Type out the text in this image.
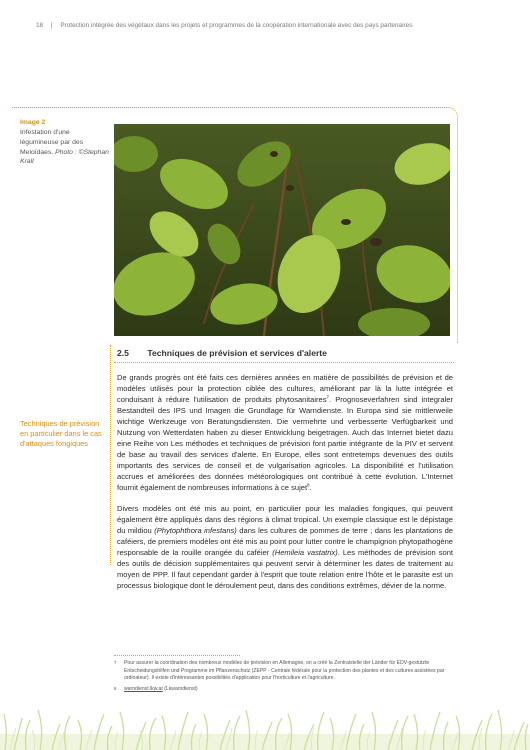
18 | Protection intégrée des végétaux dans les projets et programmes de la coopération internationale avec des pays partenaires
Image 2
Infestation d'une légumineuse par des Meloïdaes. Photo : ©Stephan Krall
2.5 Techniques de prévision et services d'alerte
Techniques de prévision en particulier dans le cas d'attaques fongiques

De grands progrès ont été faits ces dernières années en matière de possibilités de prévision et de modèles utilisés pour la protection ciblée des cultures, améliorant par là la lutte intégrée et conduisant à réduire l'utilisation de produits phytosanitaires$^7$. Prognoseverfahren sind integraler Bestandteil des IPS und Imagen die Grundlage für Warndienste. In Europa sind sie mittlerweile wichtige Werkzeuge von Beratungsdiensten. Die vermehrte und verbesserte Verfügbarkeit und Nutzung von Wetterdaten haben zu dieser Entwicklung beigetragen. Auch das Internet bietet dazu eine Reihe von Les méthodes et techniques de prévision font partie intégrante de la PIV et servent de base au travail des services d'alerte. En Europe, elles sont entretemps devenues des outils importants des services de conseil et de vulgarisation agricoles. La disponibilité et l'utilisation accrues et améliorées des données météorologiques ont contribué à cette évolution. L'Internet fournit également de nombreuses informations à ce sujet$^8$.

Divers modèles ont été mis au point, en particulier pour les maladies fongiques, qui peuvent également être appliqués dans des régions à climat tropical. Un exemple classique est le dépistage du mildiou (Phytophthora infestans) dans les cultures de pommes de terre ; dans les plantations de caféiers, de premiers modèles ont été mis au point pour lutter contre le champignon phytopathogène responsable de la rouille orangée du caféier (Hemileia vastatrix). Les méthodes de prévision sont des outils de décision supplémentaires qui peuvent servir à déterminer les dates de traitement au moyen de PPP. Il faut cependant garder à l'esprit que toute relation entre l'hôte et le parasite est un processus biologique dont le déroulement peut, dans des conditions extrêmes, dévier de la norme.

7 Pour assurer la coordination des nombreux modèles de prévision en Allemagne, on a créé la Zentralstelle der Länder für EDV-gestützte Entscheidungshilfen und Programme im Pflanzenschutz (ZEPP - Centrale fédérale pour la protection des plantes et des cultures assistées par ordinateur). Il existe d'intéressantes possibilités d'application pour l'horticulture et l'agriculture.
8 warndienst.lkw.at (Lkwarndienst)
